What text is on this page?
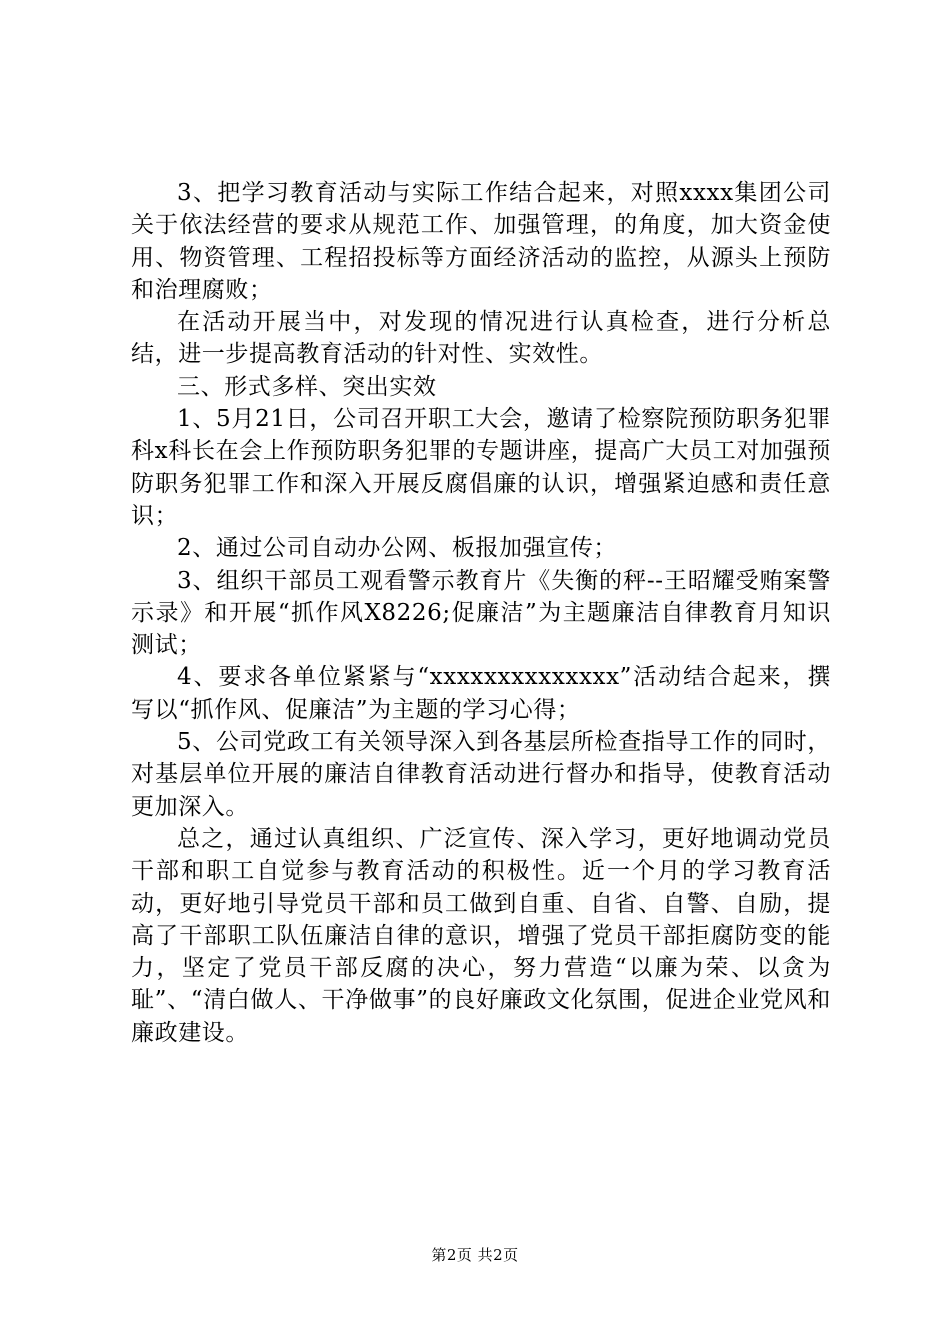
3、把学习教育活动与实际工作结合起来，对照xxxx集团公司关于依法经营的要求从规范工作、加强管理，的角度，加大资金使用、物资管理、工程招投标等方面经济活动的监控，从源头上预防和治理腐败；

在活动开展当中，对发现的情况进行认真检查，进行分析总结，进一步提高教育活动的针对性、实效性。

三、形式多样、突出实效

1、5月21日，公司召开职工大会，邀请了检察院预防职务犯罪科x科长在会上作预防职务犯罪的专题讲座，提高广大员工对加强预防职务犯罪工作和深入开展反腐倡廉的认识，增强紧迫感和责任意识；

2、通过公司自动办公网、板报加强宣传；

3、组织干部员工观看警示教育片《失衡的秤--王昭耀受贿案警示录》和开展“抓作风X8226;促廉洁”为主题廉洁自律教育月知识测试；

4、要求各单位紧紧与“xxxxxxxxxxxxxx”活动结合起来，撰写以“抓作风、促廉洁”为主题的学习心得；

5、公司党政工有关领导深入到各基层所检查指导工作的同时，对基层单位开展的廉洁自律教育活动进行督办和指导，使教育活动更加深入。

总之，通过认真组织、广泛宣传、深入学习，更好地调动党员干部和职工自觉参与教育活动的积极性。近一个月的学习教育活动，更好地引导党员干部和员工做到自重、自省、自警、自励，提高了干部职工队伍廉洁自律的意识，增强了党员干部拒腐防变的能力，坚定了党员干部反腐的决心，努力营造“以廉为荣、以贪为耻”、“清白做人、干净做事”的良好廉政文化氛围，促进企业党风和廉政建设。

第2页 共2页
